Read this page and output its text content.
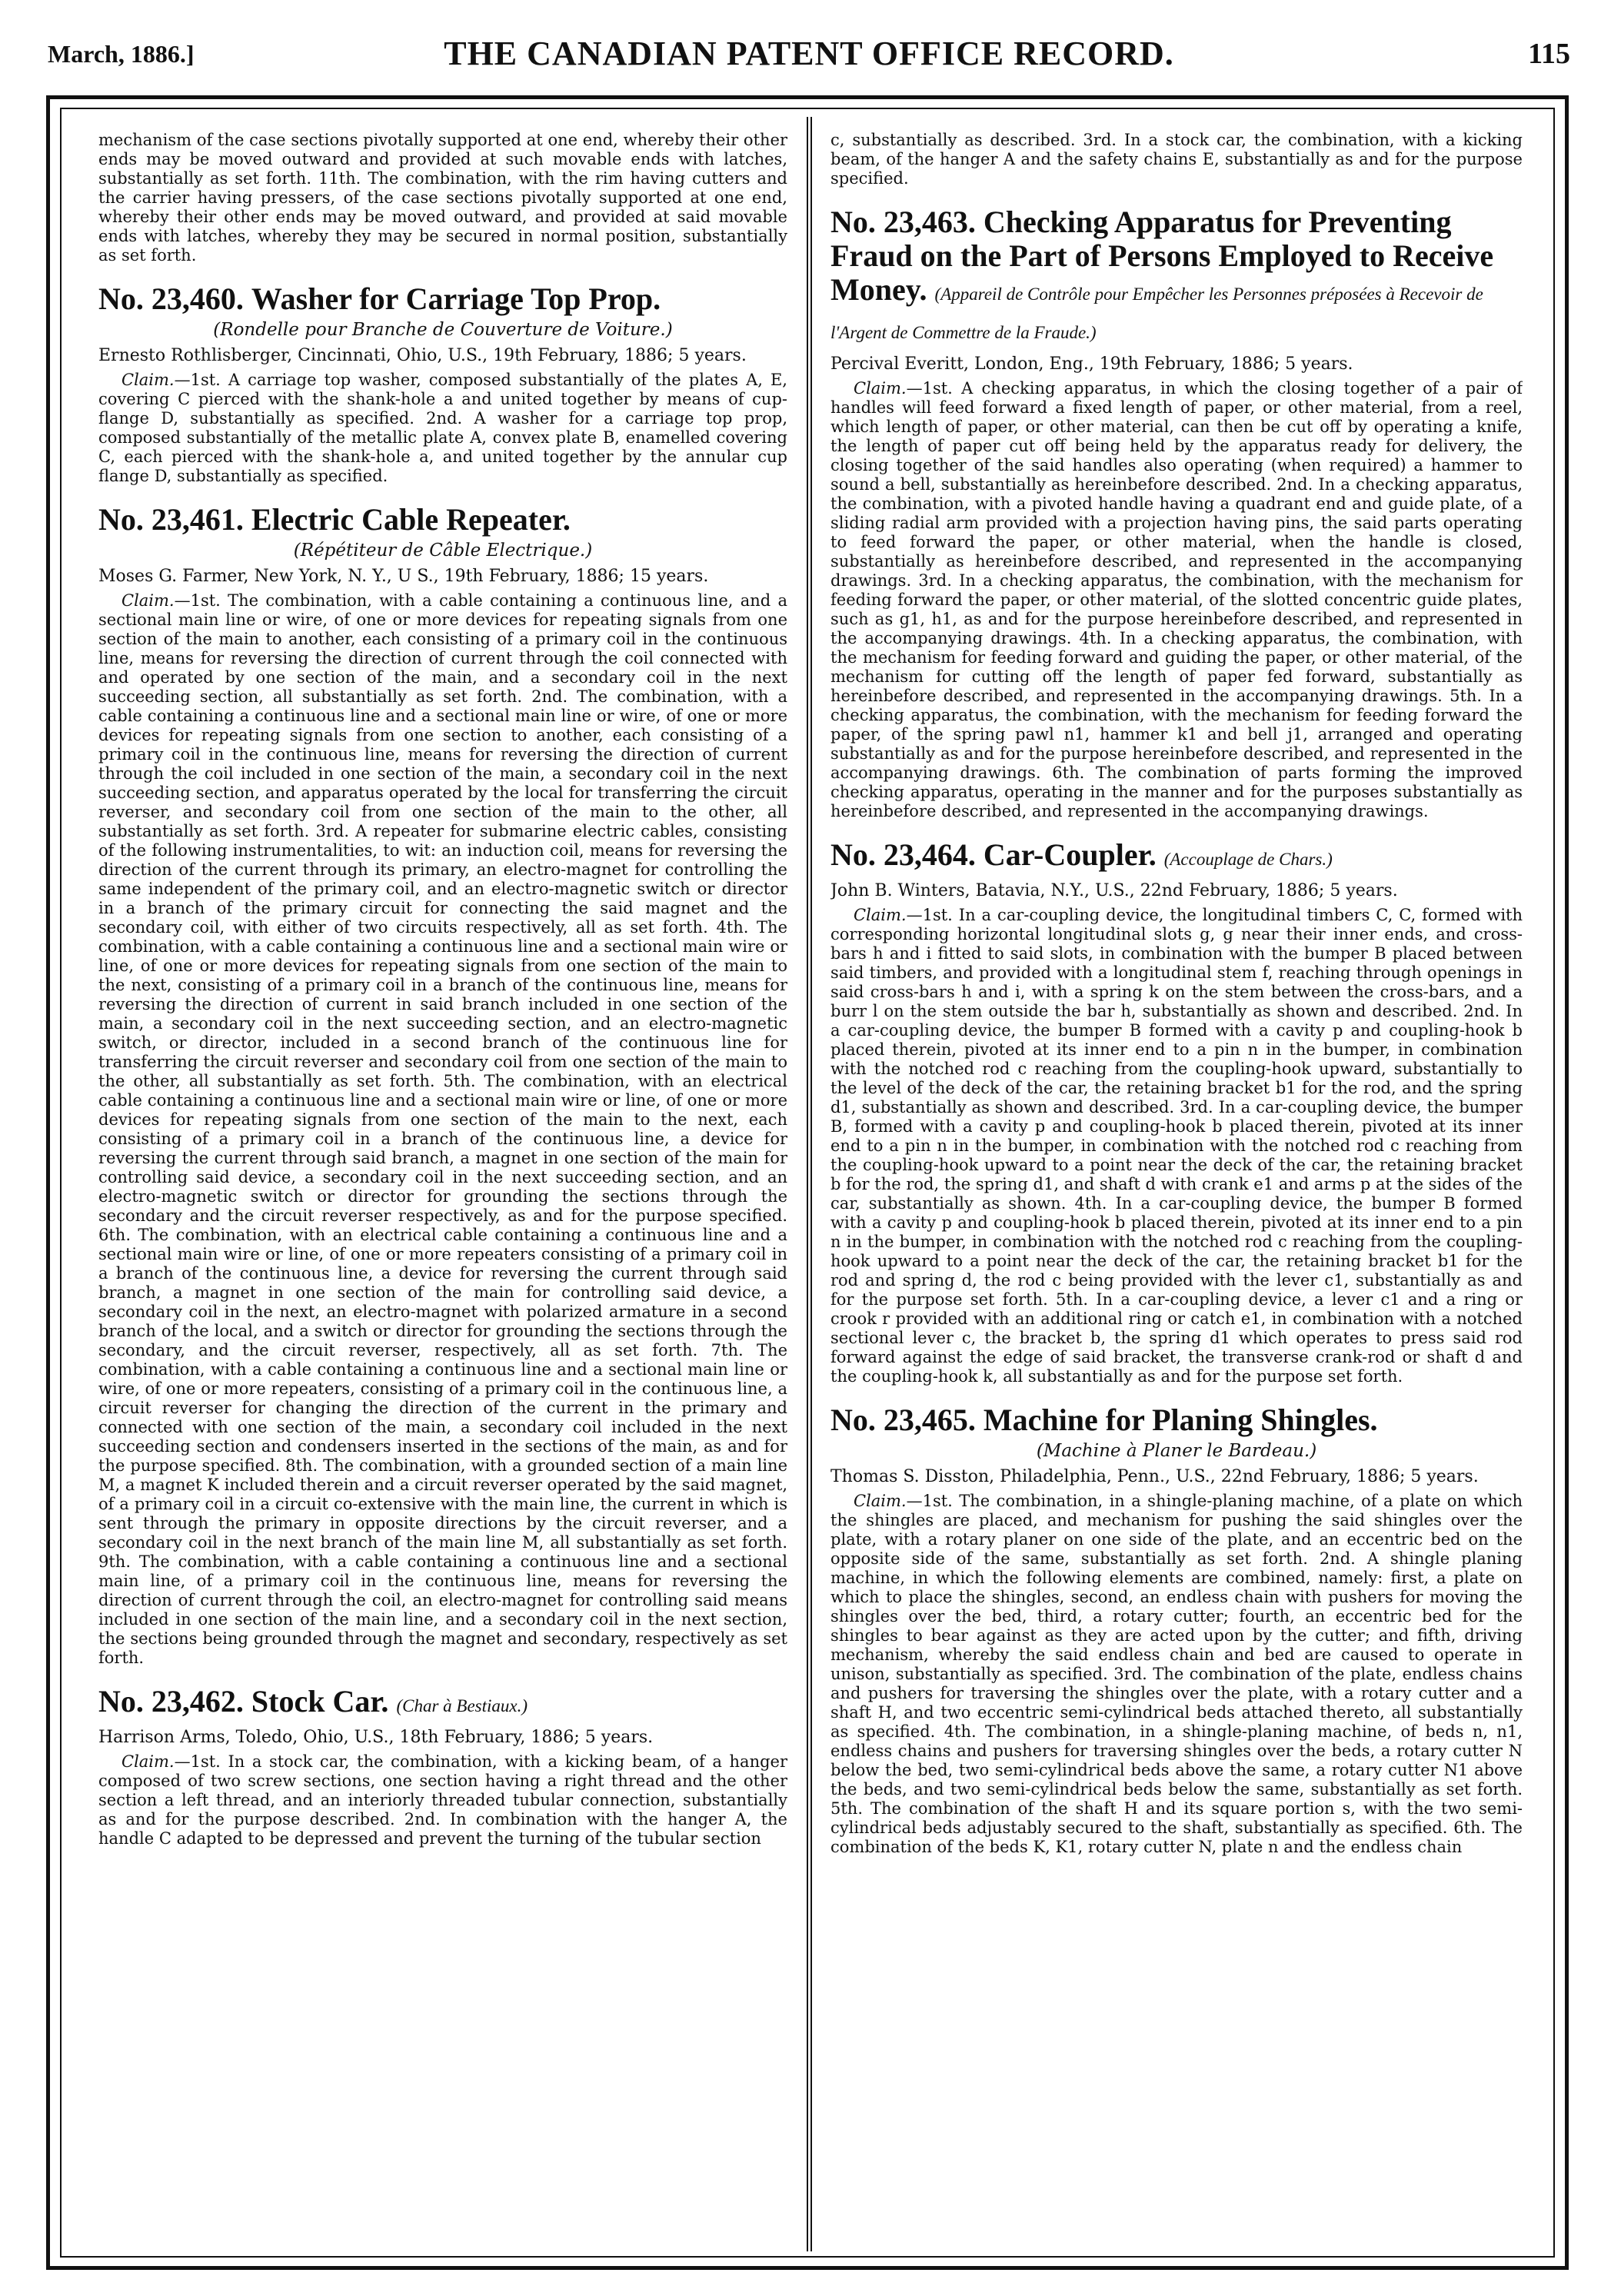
March, 1886.]	THE CANADIAN PATENT OFFICE RECORD.	115

mechanism of the case sections pivotally supported at one end, whereby their other ends may be moved outward and provided at such movable ends with latches, substantially as set forth. 11th. The combination, with the rim having cutters and the carrier having pressers, of the case sections pivotally supported at one end, whereby their other ends may be moved outward, and provided at said movable ends with latches, whereby they may be secured in normal position, substantially as set forth.

No. 23,460. Washer for Carriage Top Prop.
(Rondelle pour Branche de Couverture de Voiture.)
Ernesto Rothlisberger, Cincinnati, Ohio, U.S., 19th February, 1886; 5 years.

Claim.—1st. A carriage top washer, composed substantially of the plates A, E, covering C pierced with the shank-hole a and united together by means of cup-flange D, substantially as specified. 2nd. A washer for a carriage top prop, composed substantially of the metallic plate A, convex plate B, enamelled covering C, each pierced with the shank-hole a, and united together by the annular cup flange D, substantially as specified.

No. 23,461. Electric Cable Repeater.
(Répétiteur de Câble Electrique.)
Moses G. Farmer, New York, N. Y., U S., 19th February, 1886; 15 years.

Claim.—1st. The combination, with a cable containing a continuous line, and a sectional main line or wire, of one or more devices for repeating signals from one section of the main to another, each consisting of a primary coil in the continuous line, means for reversing the direction of current through the coil connected with and operated by one section of the main, and a secondary coil in the next succeeding section, all substantially as set forth. 2nd. The combination, with a cable containing a continuous line and a sectional main line or wire, of one or more devices for repeating signals from one section to another, each consisting of a primary coil in the continuous line, means for reversing the direction of current through the coil included in one section of the main, a secondary coil in the next succeeding section, and apparatus operated by the local for transferring the circuit reverser, and secondary coil from one section of the main to the other, all substantially as set forth. 3rd. A repeater for submarine electric cables, consisting of the following instrumentalities, to wit: an induction coil, means for reversing the direction of the current through its primary, an electro-magnet for controlling the same independent of the primary coil, and an electro-magnetic switch or director in a branch of the primary circuit for connecting the said magnet and the secondary coil, with either of two circuits respectively, all as set forth. 4th. The combination, with a cable containing a continuous line and a sectional main wire or line, of one or more devices for repeating signals from one section of the main to the next, consisting of a primary coil in a branch of the continuous line, means for reversing the direction of current in said branch included in one section of the main, a secondary coil in the next succeeding section, and an electro-magnetic switch, or director, included in a second branch of the continuous line for transferring the circuit reverser and secondary coil from one section of the main to the other, all substantially as set forth. 5th. The combination, with an electrical cable containing a continuous line and a sectional main wire or line, of one or more devices for repeating signals from one section of the main to the next, each consisting of a primary coil in a branch of the continuous line, a device for reversing the current through said branch, a magnet in one section of the main for controlling said device, a secondary coil in the next succeeding section, and an electro-magnetic switch or director for grounding the sections through the secondary and the circuit reverser respectively, as and for the purpose specified. 6th. The combination, with an electrical cable containing a continuous line and a sectional main wire or line, of one or more repeaters consisting of a primary coil in a branch of the continuous line, a device for reversing the current through said branch, a magnet in one section of the main for controlling said device, a secondary coil in the next, an electro-magnet with polarized armature in a second branch of the local, and a switch or director for grounding the sections through the secondary, and the circuit reverser, respectively, all as set forth. 7th. The combination, with a cable containing a continuous line and a sectional main line or wire, of one or more repeaters, consisting of a primary coil in the continuous line, a circuit reverser for changing the direction of the current in the primary and connected with one section of the main, a secondary coil included in the next succeeding section and condensers inserted in the sections of the main, as and for the purpose specified. 8th. The combination, with a grounded section of a main line M, a magnet K included therein and a circuit reverser operated by the said magnet, of a primary coil in a circuit co-extensive with the main line, the current in which is sent through the primary in opposite directions by the circuit reverser, and a secondary coil in the next branch of the main line M, all substantially as set forth. 9th. The combination, with a cable containing a continuous line and a sectional main line, of a primary coil in the continuous line, means for reversing the direction of current through the coil, an electro-magnet for controlling said means included in one section of the main line, and a secondary coil in the next section, the sections being grounded through the magnet and secondary, respectively as set forth.

No. 23,462. Stock Car. (Char à Bestiaux.)
Harrison Arms, Toledo, Ohio, U.S., 18th February, 1886; 5 years.

Claim.—1st. In a stock car, the combination, with a kicking beam, of a hanger composed of two screw sections, one section having a right thread and the other section a left thread, and an interiorly threaded tubular connection, substantially as and for the purpose described. 2nd. In combination with the hanger A, the handle C adapted to be depressed and prevent the turning of the tubular section

c, substantially as described. 3rd. In a stock car, the combination, with a kicking beam, of the hanger A and the safety chains E, substantially as and for the purpose specified.

No. 23,463. Checking Apparatus for Preventing Fraud on the Part of Persons Employed to Receive Money. (Appareil de Contrôle pour Empêcher les Personnes préposées à Recevoir de l'Argent de Commettre de la Fraude.)
Percival Everitt, London, Eng., 19th February, 1886; 5 years.

Claim.—1st. A checking apparatus, in which the closing together of a pair of handles will feed forward a fixed length of paper, or other material, from a reel, which length of paper, or other material, can then be cut off by operating a knife, the length of paper cut off being held by the apparatus ready for delivery, the closing together of the said handles also operating (when required) a hammer to sound a bell, substantially as hereinbefore described. 2nd. In a checking apparatus, the combination, with a pivoted handle having a quadrant end and guide plate, of a sliding radial arm provided with a projection having pins, the said parts operating to feed forward the paper, or other material, when the handle is closed, substantially as hereinbefore described, and represented in the accompanying drawings. 3rd. In a checking apparatus, the combination, with the mechanism for feeding forward the paper, or other material, of the slotted concentric guide plates, such as g1, h1, as and for the purpose hereinbefore described, and represented in the accompanying drawings. 4th. In a checking apparatus, the combination, with the mechanism for feeding forward and guiding the paper, or other material, of the mechanism for cutting off the length of paper fed forward, substantially as hereinbefore described, and represented in the accompanying drawings. 5th. In a checking apparatus, the combination, with the mechanism for feeding forward the paper, of the spring pawl n1, hammer k1 and bell j1, arranged and operating substantially as and for the purpose hereinbefore described, and represented in the accompanying drawings. 6th. The combination of parts forming the improved checking apparatus, operating in the manner and for the purposes substantially as hereinbefore described, and represented in the accompanying drawings.

No. 23,464. Car-Coupler. (Accouplage de Chars.)
John B. Winters, Batavia, N.Y., U.S., 22nd February, 1886; 5 years.

Claim.—1st. In a car-coupling device, the longitudinal timbers C, C, formed with corresponding horizontal longitudinal slots g, g near their inner ends, and cross-bars h and i fitted to said slots, in combination with the bumper B placed between said timbers, and provided with a longitudinal stem f, reaching through openings in said cross-bars h and i, with a spring k on the stem between the cross-bars, and a burr l on the stem outside the bar h, substantially as shown and described. 2nd. In a car-coupling device, the bumper B formed with a cavity p and coupling-hook b placed therein, pivoted at its inner end to a pin n in the bumper, in combination with the notched rod c reaching from the coupling-hook upward, substantially to the level of the deck of the car, the retaining bracket b1 for the rod, and the spring d1, substantially as shown and described. 3rd. In a car-coupling device, the bumper B, formed with a cavity p and coupling-hook b placed therein, pivoted at its inner end to a pin n in the bumper, in combination with the notched rod c reaching from the coupling-hook upward to a point near the deck of the car, the retaining bracket b for the rod, the spring d1, and shaft d with crank e1 and arms p at the sides of the car, substantially as shown. 4th. In a car-coupling device, the bumper B formed with a cavity p and coupling-hook b placed therein, pivoted at its inner end to a pin n in the bumper, in combination with the notched rod c reaching from the coupling-hook upward to a point near the deck of the car, the retaining bracket b1 for the rod and spring d, the rod c being provided with the lever c1, substantially as and for the purpose set forth. 5th. In a car-coupling device, a lever c1 and a ring or crook r provided with an additional ring or catch e1, in combination with a notched sectional lever c, the bracket b, the spring d1 which operates to press said rod forward against the edge of said bracket, the transverse crank-rod or shaft d and the coupling-hook k, all substantially as and for the purpose set forth.

No. 23,465. Machine for Planing Shingles.
(Machine à Planer le Bardeau.)
Thomas S. Disston, Philadelphia, Penn., U.S., 22nd February, 1886; 5 years.

Claim.—1st. The combination, in a shingle-planing machine, of a plate on which the shingles are placed, and mechanism for pushing the said shingles over the plate, with a rotary planer on one side of the plate, and an eccentric bed on the opposite side of the same, substantially as set forth. 2nd. A shingle planing machine, in which the following elements are combined, namely: first, a plate on which to place the shingles, second, an endless chain with pushers for moving the shingles over the bed, third, a rotary cutter; fourth, an eccentric bed for the shingles to bear against as they are acted upon by the cutter; and fifth, driving mechanism, whereby the said endless chain and bed are caused to operate in unison, substantially as specified. 3rd. The combination of the plate, endless chains and pushers for traversing the shingles over the plate, with a rotary cutter and a shaft H, and two eccentric semi-cylindrical beds attached thereto, all substantially as specified. 4th. The combination, in a shingle-planing machine, of beds n, n1, endless chains and pushers for traversing shingles over the beds, a rotary cutter N below the bed, two semi-cylindrical beds above the same, a rotary cutter N1 above the beds, and two semi-cylindrical beds below the same, substantially as set forth. 5th. The combination of the shaft H and its square portion s, with the two semi-cylindrical beds adjustably secured to the shaft, substantially as specified. 6th. The combination of the beds K, K1, rotary cutter N, plate n and the endless chain
